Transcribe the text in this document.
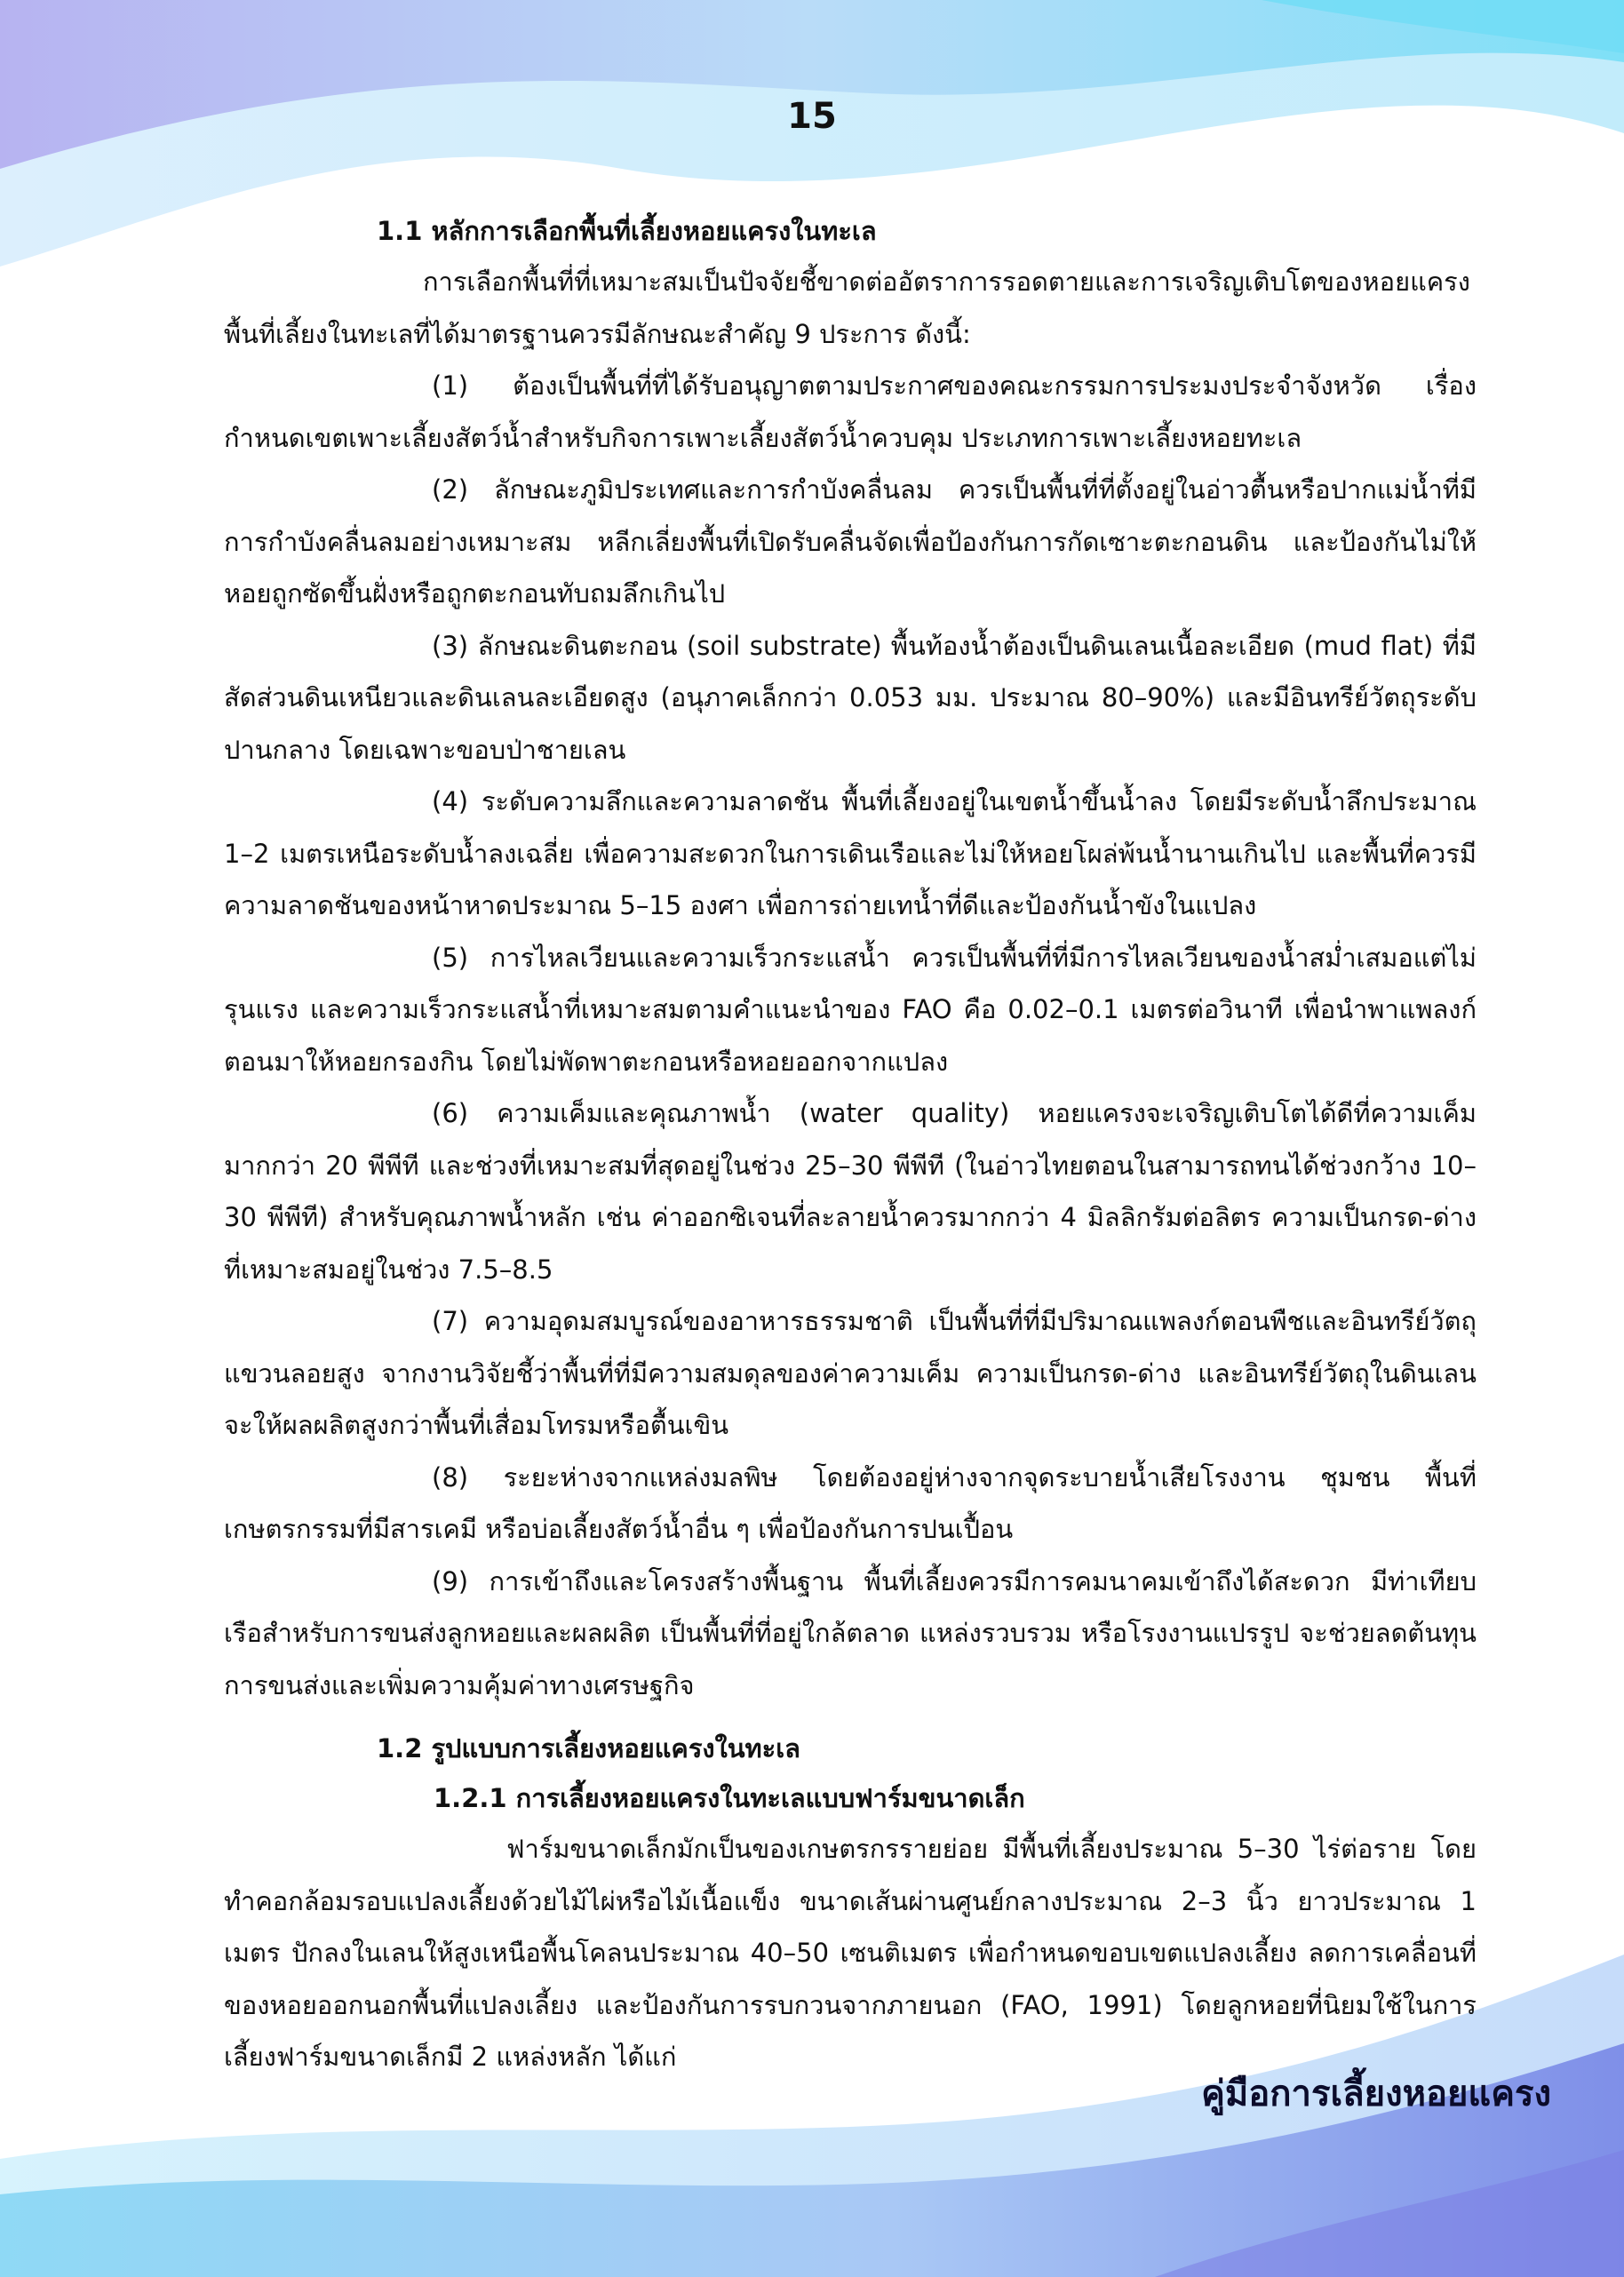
15
1.1 หลักการเลือกพื้นที่เลี้ยงหอยแครงในทะเล

การเลือกพื้นที่ที่เหมาะสมเป็นปัจจัยชี้ขาดต่ออัตราการรอดตายและการเจริญเติบโตของหอยแครง พื้นที่เลี้ยงในทะเลที่ได้มาตรฐานควรมีลักษณะสำคัญ 9 ประการ ดังนี้:

(1) ต้องเป็นพื้นที่ที่ได้รับอนุญาตตามประกาศของคณะกรรมการประมงประจำจังหวัด เรื่อง กำหนดเขตเพาะเลี้ยงสัตว์น้ำสำหรับกิจการเพาะเลี้ยงสัตว์น้ำควบคุม ประเภทการเพาะเลี้ยงหอยทะเล

(2) ลักษณะภูมิประเทศและการกำบังคลื่นลม ควรเป็นพื้นที่ที่ตั้งอยู่ในอ่าวตื้นหรือปากแม่น้ำที่มีการกำบังคลื่นลมอย่างเหมาะสม หลีกเลี่ยงพื้นที่เปิดรับคลื่นจัดเพื่อป้องกันการกัดเซาะตะกอนดิน และป้องกันไม่ให้หอยถูกซัดขึ้นฝั่งหรือถูกตะกอนทับถมลึกเกินไป

(3) ลักษณะดินตะกอน (soil substrate) พื้นท้องน้ำต้องเป็นดินเลนเนื้อละเอียด (mud flat) ที่มีสัดส่วนดินเหนียวและดินเลนละเอียดสูง (อนุภาคเล็กกว่า 0.053 มม. ประมาณ 80–90%) และมีอินทรีย์วัตถุระดับปานกลาง โดยเฉพาะขอบป่าชายเลน

(4) ระดับความลึกและความลาดชัน พื้นที่เลี้ยงอยู่ในเขตน้ำขึ้นน้ำลง โดยมีระดับน้ำลึกประมาณ 1–2 เมตรเหนือระดับน้ำลงเฉลี่ย เพื่อความสะดวกในการเดินเรือและไม่ให้หอยโผล่พ้นน้ำนานเกินไป และพื้นที่ควรมีความลาดชันของหน้าหาดประมาณ 5–15 องศา เพื่อการถ่ายเทน้ำที่ดีและป้องกันน้ำขังในแปลง

(5) การไหลเวียนและความเร็วกระแสน้ำ ควรเป็นพื้นที่ที่มีการไหลเวียนของน้ำสม่ำเสมอแต่ไม่รุนแรง และความเร็วกระแสน้ำที่เหมาะสมตามคำแนะนำของ FAO คือ 0.02–0.1 เมตรต่อวินาที เพื่อนำพาแพลงก์ตอนมาให้หอยกรองกิน โดยไม่พัดพาตะกอนหรือหอยออกจากแปลง

(6) ความเค็มและคุณภาพน้ำ (water quality) หอยแครงจะเจริญเติบโตได้ดีที่ความเค็มมากกว่า 20 พีพีที และช่วงที่เหมาะสมที่สุดอยู่ในช่วง 25–30 พีพีที (ในอ่าวไทยตอนในสามารถทนได้ช่วงกว้าง 10–30 พีพีที) สำหรับคุณภาพน้ำหลัก เช่น ค่าออกซิเจนที่ละลายน้ำควรมากกว่า 4 มิลลิกรัมต่อลิตร ความเป็นกรด-ด่างที่เหมาะสมอยู่ในช่วง 7.5–8.5

(7) ความอุดมสมบูรณ์ของอาหารธรรมชาติ เป็นพื้นที่ที่มีปริมาณแพลงก์ตอนพืชและอินทรีย์วัตถุแขวนลอยสูง จากงานวิจัยชี้ว่าพื้นที่ที่มีความสมดุลของค่าความเค็ม ความเป็นกรด-ด่าง และอินทรีย์วัตถุในดินเลนจะให้ผลผลิตสูงกว่าพื้นที่เสื่อมโทรมหรือตื้นเขิน

(8) ระยะห่างจากแหล่งมลพิษ โดยต้องอยู่ห่างจากจุดระบายน้ำเสียโรงงาน ชุมชน พื้นที่เกษตรกรรมที่มีสารเคมี หรือบ่อเลี้ยงสัตว์น้ำอื่น ๆ เพื่อป้องกันการปนเปื้อน

(9) การเข้าถึงและโครงสร้างพื้นฐาน พื้นที่เลี้ยงควรมีการคมนาคมเข้าถึงได้สะดวก มีท่าเทียบเรือสำหรับการขนส่งลูกหอยและผลผลิต เป็นพื้นที่ที่อยู่ใกล้ตลาด แหล่งรวบรวม หรือโรงงานแปรรูป จะช่วยลดต้นทุนการขนส่งและเพิ่มความคุ้มค่าทางเศรษฐกิจ

1.2 รูปแบบการเลี้ยงหอยแครงในทะเล
1.2.1 การเลี้ยงหอยแครงในทะเลแบบฟาร์มขนาดเล็ก

ฟาร์มขนาดเล็กมักเป็นของเกษตรกรรายย่อย มีพื้นที่เลี้ยงประมาณ 5–30 ไร่ต่อราย โดยทำคอกล้อมรอบแปลงเลี้ยงด้วยไม้ไผ่หรือไม้เนื้อแข็ง ขนาดเส้นผ่านศูนย์กลางประมาณ 2–3 นิ้ว ยาวประมาณ 1 เมตร ปักลงในเลนให้สูงเหนือพื้นโคลนประมาณ 40–50 เซนติเมตร เพื่อกำหนดขอบเขตแปลงเลี้ยง ลดการเคลื่อนที่ของหอยออกนอกพื้นที่แปลงเลี้ยง และป้องกันการรบกวนจากภายนอก (FAO, 1991) โดยลูกหอยที่นิยมใช้ในการเลี้ยงฟาร์มขนาดเล็กมี 2 แหล่งหลัก ได้แก่

คู่มือการเลี้ยงหอยแครง
